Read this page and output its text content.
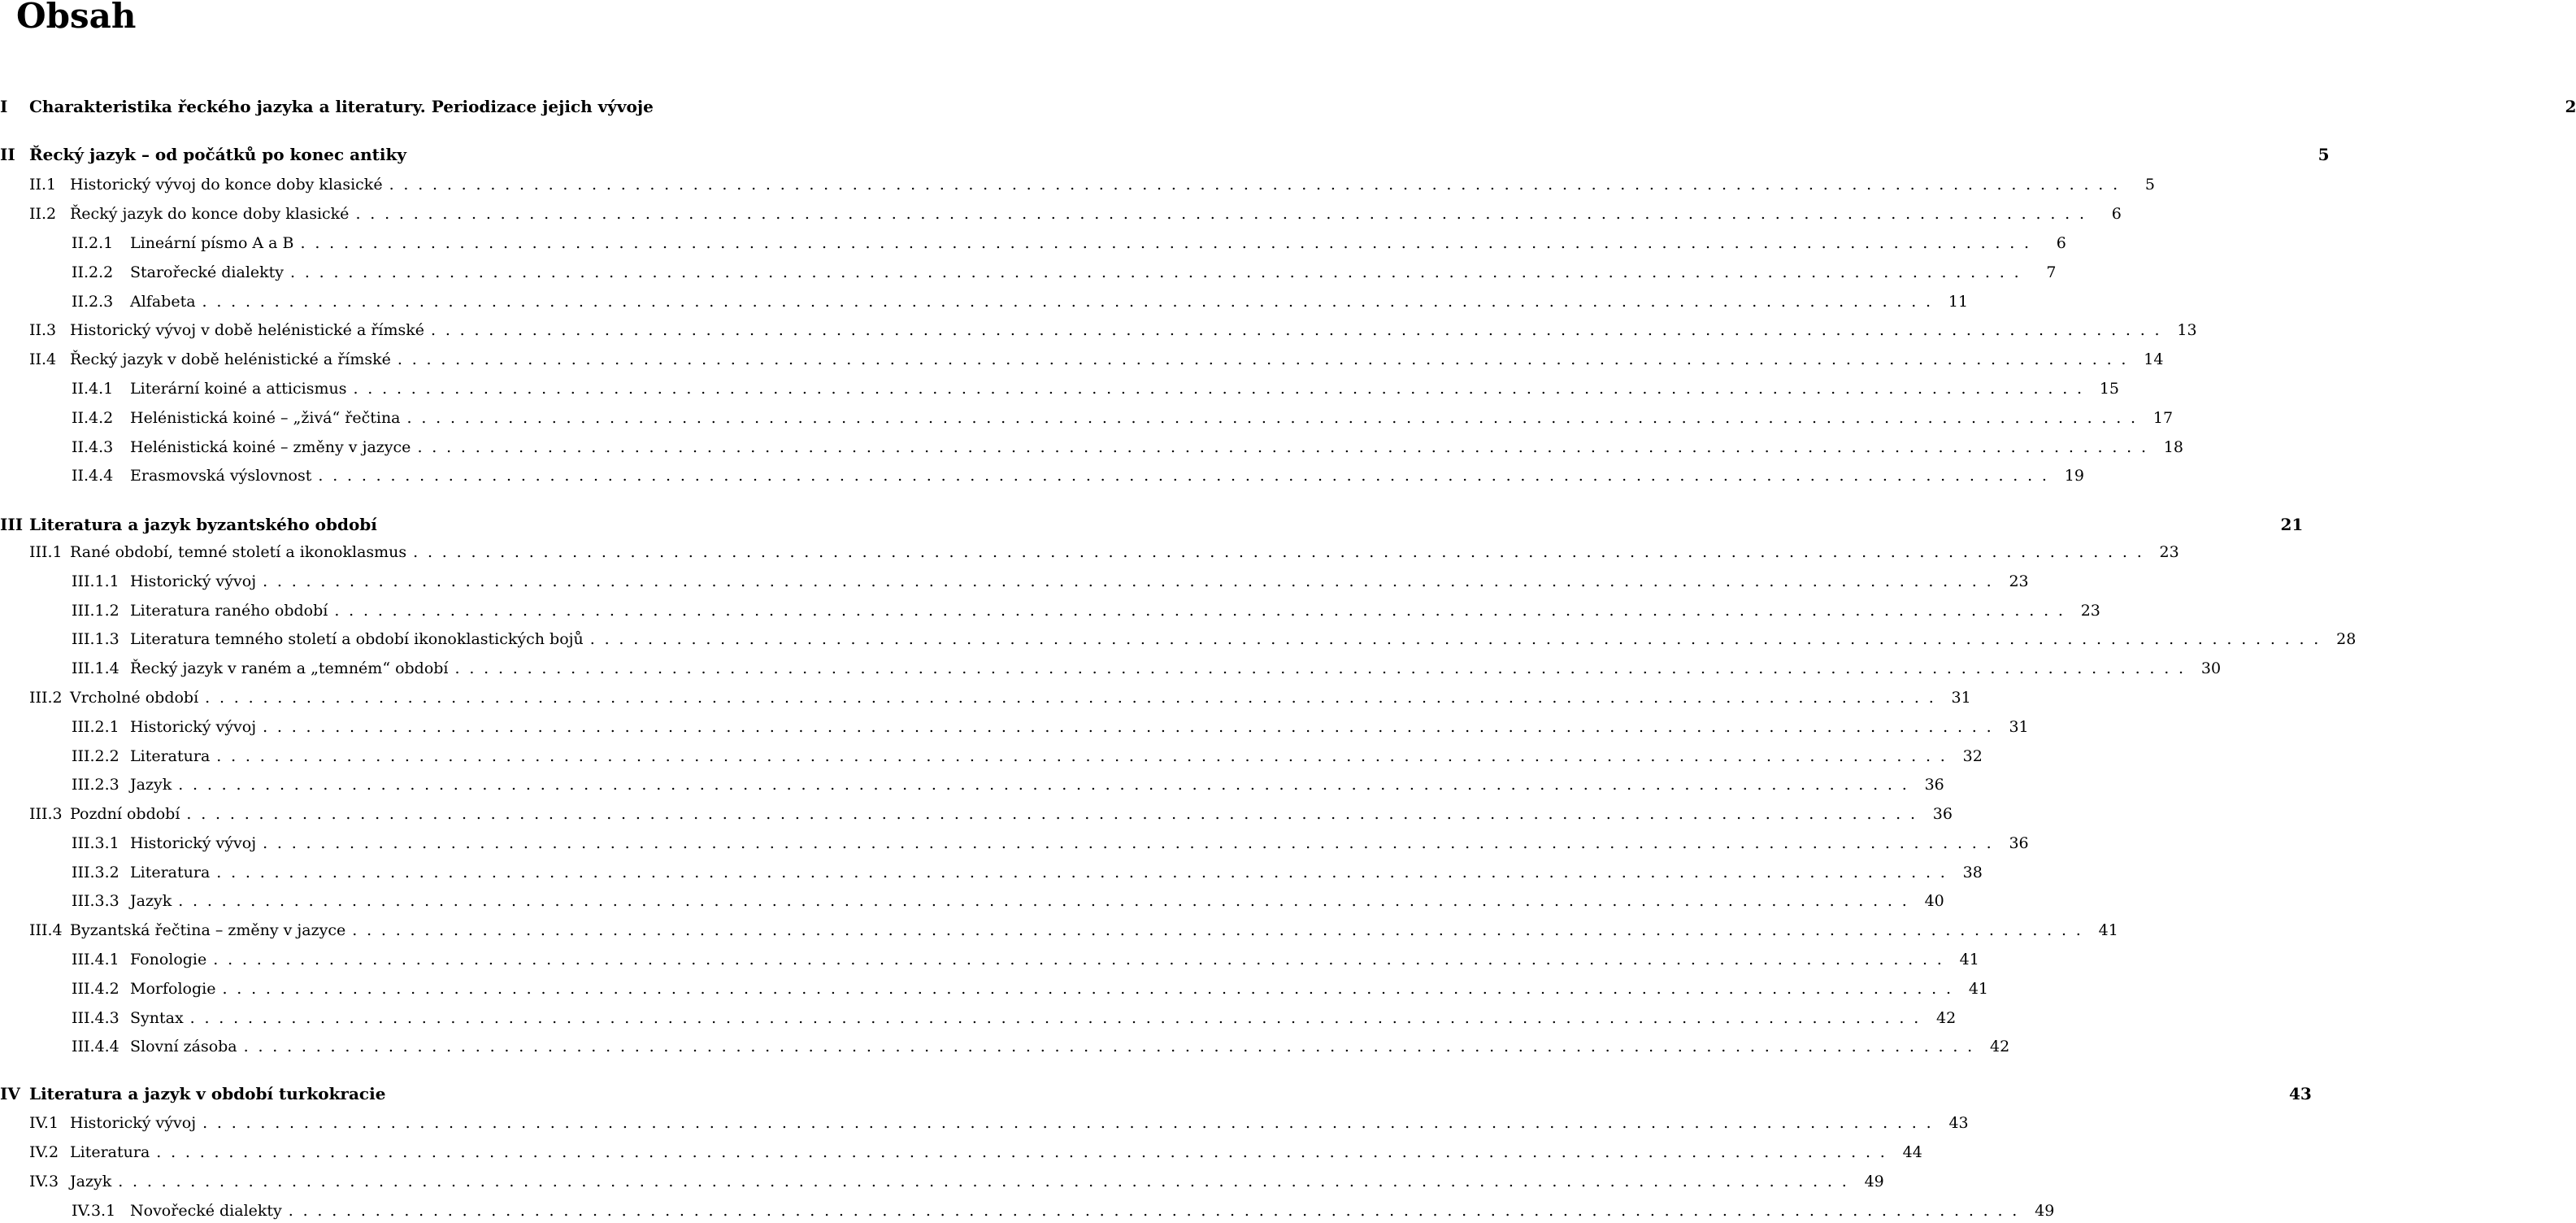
Obsah
I	Charakteristika řeckého jazyka a literatury. Periodizace jejich vývoje	2
II Řecký jazyk – od počátků po konec antiky	5
II.1 Historický vývoj do konce doby klasické ........................................................................................................................	5
II.2 Řecký jazyk do konce doby klasické ........................................................................................................................	6
II.2.1	Lineární písmo A a B ........................................................................................................................	6
II.2.2	Starořecké dialekty ........................................................................................................................	7
II.2.3	Alfabeta ........................................................................................................................ 11
II.3 Historický vývoj v době helénistické a římské ........................................................................................................................ 13
II.4 Řecký jazyk v době helénistické a římské ........................................................................................................................ 14
II.4.1	Literární koiné a atticismus ........................................................................................................................ 15
II.4.2	Helénistická koiné – „živá“ řečtina ........................................................................................................................ 17
II.4.3	Helénistická koiné – změny v jazyce ........................................................................................................................ 18
II.4.4	Erasmovská výslovnost ........................................................................................................................ 19
III Literatura a jazyk byzantského období	21
III.1 Rané období, temné století a ikonoklasmus ........................................................................................................................ 23
III.1.1 Historický vývoj ........................................................................................................................ 23
III.1.2 Literatura raného období ........................................................................................................................ 23
III.1.3 Literatura temného století a období ikonoklastických bojů ........................................................................................................................ 28
III.1.4 Řecký jazyk v raném a „temném“ období ........................................................................................................................ 30
III.2 Vrcholné období ........................................................................................................................ 31
III.2.1 Historický vývoj ........................................................................................................................ 31
III.2.2 Literatura ........................................................................................................................ 32
III.2.3 Jazyk ........................................................................................................................ 36
III.3 Pozdní období ........................................................................................................................ 36
III.3.1 Historický vývoj ........................................................................................................................ 36
III.3.2 Literatura ........................................................................................................................ 38
III.3.3 Jazyk ........................................................................................................................ 40
III.4 Byzantská řečtina – změny v jazyce ........................................................................................................................ 41
III.4.1 Fonologie ........................................................................................................................ 41
III.4.2 Morfologie ........................................................................................................................ 41
III.4.3 Syntax ........................................................................................................................ 42
III.4.4 Slovní zásoba ........................................................................................................................ 42
IV Literatura a jazyk v období turkokracie	43
IV.1 Historický vývoj ........................................................................................................................ 43
IV.2 Literatura ........................................................................................................................ 44
IV.3 Jazyk ........................................................................................................................ 49
IV.3.1 Novořecké dialekty ........................................................................................................................ 49
